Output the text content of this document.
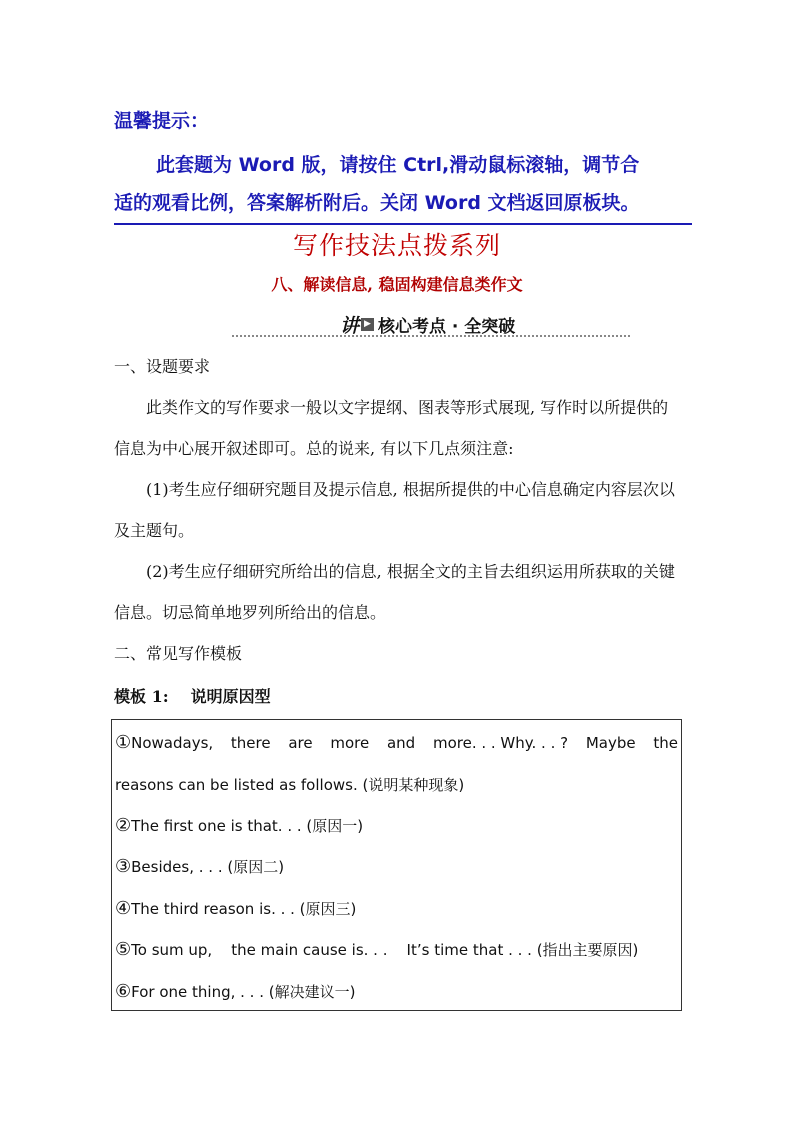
温馨提示：
此套题为 Word 版，请按住 Ctrl,滑动鼠标滚轴，调节合
适的观看比例，答案解析附后。关闭 Word 文档返回原板块。
写作技法点拨系列
八、解读信息, 稳固构建信息类作文
讲 ▶ 核心考点 · 全突破
一、设题要求
此类作文的写作要求一般以文字提纲、图表等形式展现, 写作时以所提供的信息为中心展开叙述即可。总的说来, 有以下几点须注意:
(1)考生应仔细研究题目及提示信息, 根据所提供的中心信息确定内容层次以及主题句。
(2)考生应仔细研究所给出的信息, 根据全文的主旨去组织运用所获取的关键信息。切忌简单地罗列所给出的信息。
二、常见写作模板
模板 1: 说明原因型
①Nowadays, there are more and more. . . Why. . . ? Maybe the
reasons can be listed as follows. (说明某种现象)
②The first one is that. . . (原因一)
③Besides, . . . (原因二)
④The third reason is. . . (原因三)
⑤To sum up,    the main cause is. . .    It’s time that . . . (指出主要原因)
⑥For one thing, . . . (解决建议一)
